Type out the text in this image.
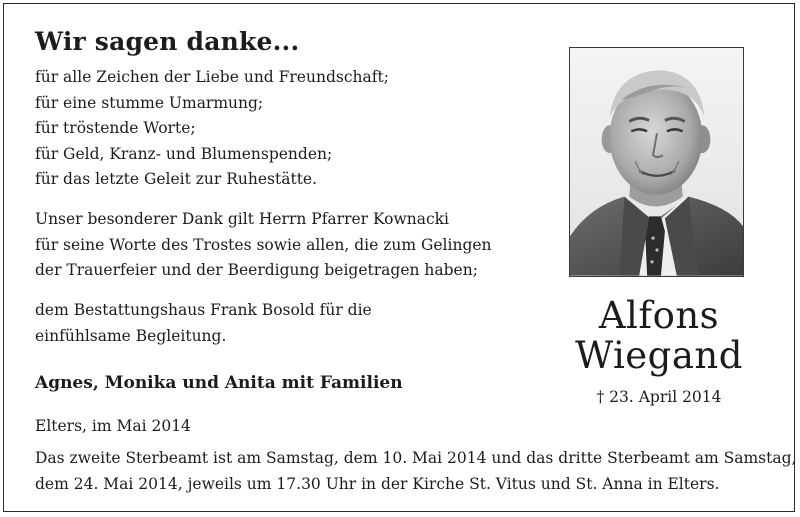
Wir sagen danke...
für alle Zeichen der Liebe und Freundschaft;
für eine stumme Umarmung;
für tröstende Worte;
für Geld, Kranz- und Blumenspenden;
für das letzte Geleit zur Ruhestätte.
Unser besonderer Dank gilt Herrn Pfarrer Kownacki
für seine Worte des Trostes sowie allen, die zum Gelingen
der Trauerfeier und der Beerdigung beigetragen haben;
dem Bestattungshaus Frank Bosold für die
einfühlsame Begleitung.
Agnes, Monika und Anita mit Familien
Elters, im Mai 2014
Das zweite Sterbeamt ist am Samstag, dem 10. Mai 2014 und das dritte Sterbeamt am Samstag,
dem 24. Mai 2014, jeweils um 17.30 Uhr in der Kirche St. Vitus und St. Anna in Elters.
Alfons
Wiegand
† 23. April 2014
